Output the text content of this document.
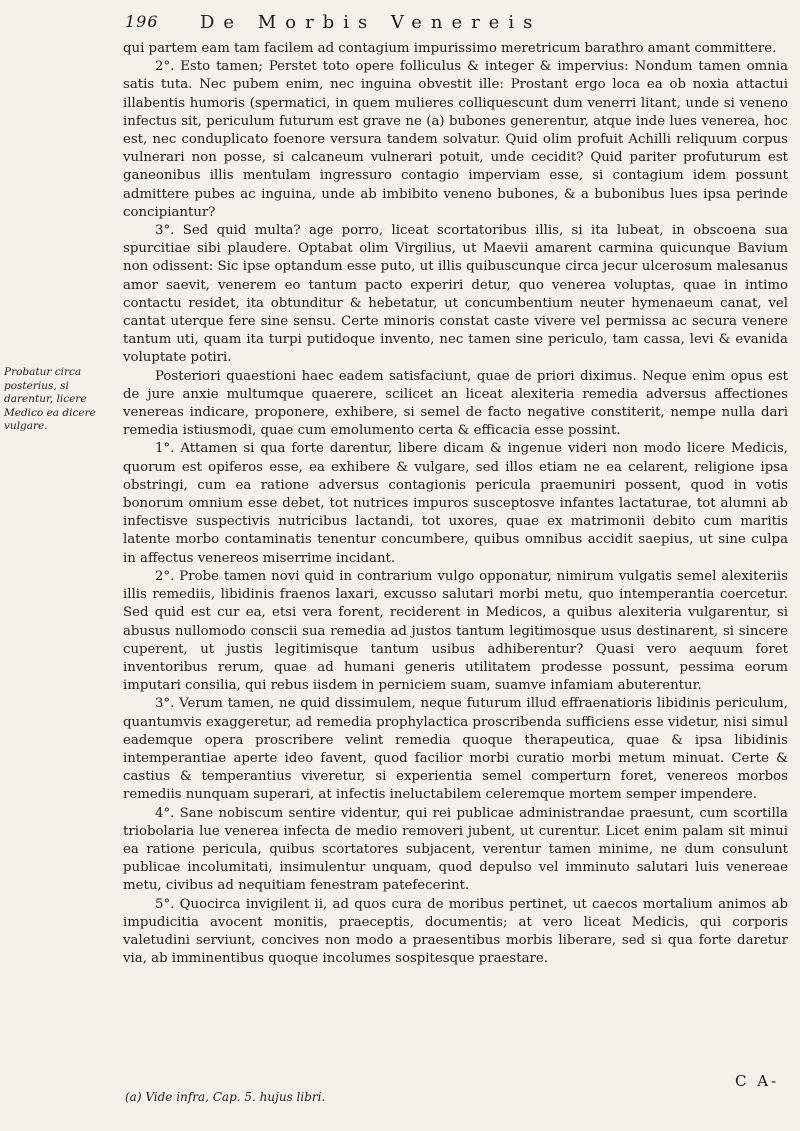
196 De Morbis Venereis
Probatur circa posterius, si darentur, licere Medico ea dicere vulgare.

qui partem eam tam facilem ad contagium impurissimo meretricum barathro amant committere.

2°. Esto tamen; Perstet toto opere folliculus & integer & impervius: Nondum tamen omnia satis tuta. Nec pubem enim, nec inguina obvestit ille: Prostant ergo loca ea ob noxia attactui illabentis humoris (spermatici, in quem mulieres colliquescunt dum venerri litant, unde si veneno infectus sit, periculum futurum est grave ne (a) bubones generentur, atque inde lues venerea, hoc est, nec conduplicato foenore versura tandem solvatur. Quid olim profuit Achilli reliquum corpus vulnerari non posse, si calcaneum vulnerari potuit, unde cecidit? Quid pariter profuturum est ganeonibus illis mentulam ingressuro contagio imperviam esse, si contagium idem possunt admittere pubes ac inguina, unde ab imbibito veneno bubones, & a bubonibus lues ipsa perinde concipiantur?

3°. Sed quid multa? age porro, liceat scortatoribus illis, si ita lubeat, in obscoena sua spurcitiae sibi plaudere. Optabat olim Virgilius, ut Maevii amarent carmina quicunque Bavium non odissent: Sic ipse optandum esse puto, ut illis quibuscunque circa jecur ulcerosum malesanus amor saevit, venerem eo tantum pacto experiri detur, quo venerea voluptas, quae in intimo contactu residet, ita obtunditur & hebetatur, ut concumbentium neuter hymenaeum canat, vel cantat uterque fere sine sensu. Certe minoris constat caste vivere vel permissa ac secura venere tantum uti, quam ita turpi putidoque invento, nec tamen sine periculo, tam cassa, levi & evanida voluptate potiri.

Posteriori quaestioni haec eadem satisfaciunt, quae de priori diximus. Neque enim opus est de jure anxie multumque quaerere, scilicet an liceat alexiteria remedia adversus affectiones venereas indicare, proponere, exhibere, si semel de facto negative constiterit, nempe nulla dari remedia istiusmodi, quae cum emolumento certa & efficacia esse possint.

1°. Attamen si qua forte darentur, libere dicam & ingenue videri non modo licere Medicis, quorum est opiferos esse, ea exhibere & vulgare, sed illos etiam ne ea celarent, religione ipsa obstringi, cum ea ratione adversus contagionis pericula praemuniri possent, quod in votis bonorum omnium esse debet, tot nutrices impuros susceptosve infantes lactaturae, tot alumni ab infectisve suspectivis nutricibus lactandi, tot uxores, quae ex matrimonii debito cum maritis latente morbo contaminatis tenentur concumbere, quibus omnibus accidit saepius, ut sine culpa in affectus venereos miserrime incidant.

2°. Probe tamen novi quid in contrarium vulgo opponatur, nimirum vulgatis semel alexiteriis illis remediis, libidinis fraenos laxari, excusso salutari morbi metu, quo intemperantia coercetur. Sed quid est cur ea, etsi vera forent, reciderent in Medicos, a quibus alexiteria vulgarentur, si abusus nullomodo consciі sua remedia ad justos tantum legitimosque usus destinarent, si sincere cuperent, ut justis legitimisque tantum usibus adhiberentur? Quasi vero aequum foret inventoribus rerum, quae ad humani generis utilitatem prodesse possunt, pessima eorum imputari consilia, qui rebus iisdem in perniciem suam, suamve infamiam abuterentur.

3°. Verum tamen, ne quid dissimulem, neque futurum illud effraenatioris libidinis periculum, quantumvis exaggeretur, ad remedia prophylactica proscribenda sufficiens esse videtur, nisi simul eademque opera proscribere velint remedia quoque therapeutica, quae & ipsa libidinis intemperantiae aperte ideo favent, quod facilior morbi curatio morbi metum minuat. Certe & castius & temperantius viveretur, si experientia semel comperturn foret, venereos morbos remediis nunquam superari, at infectis ineluctabilem celeremque mortem semper impendere.

4°. Sane nobiscum sentire videntur, qui rei publicae administrandae praesunt, cum scortilla triobolaria lue venerea infecta de medio removeri jubent, ut curentur. Licet enim palam sit minui ea ratione pericula, quibus scortatores subjacent, verentur tamen minime, ne dum consulunt publicae incolumitati, insimulentur unquam, quod depulso vel imminuto salutari luis venereae metu, civibus ad nequitiam fenestram patefecerint.

5°. Quocirca invigilent ii, ad quos cura de moribus pertinet, ut caecos mortalium animos ab impudicitia avocent monitis, praeceptis, documentis; at vero liceat Medicis, qui corporis valetudini serviunt, concives non modo a praesentibus morbis liberare, sed si qua forte daretur via, ab imminentibus quoque incolumes sospitesque praestare.

C A-
(a) Vide infra, Cap. 5. hujus libri.
